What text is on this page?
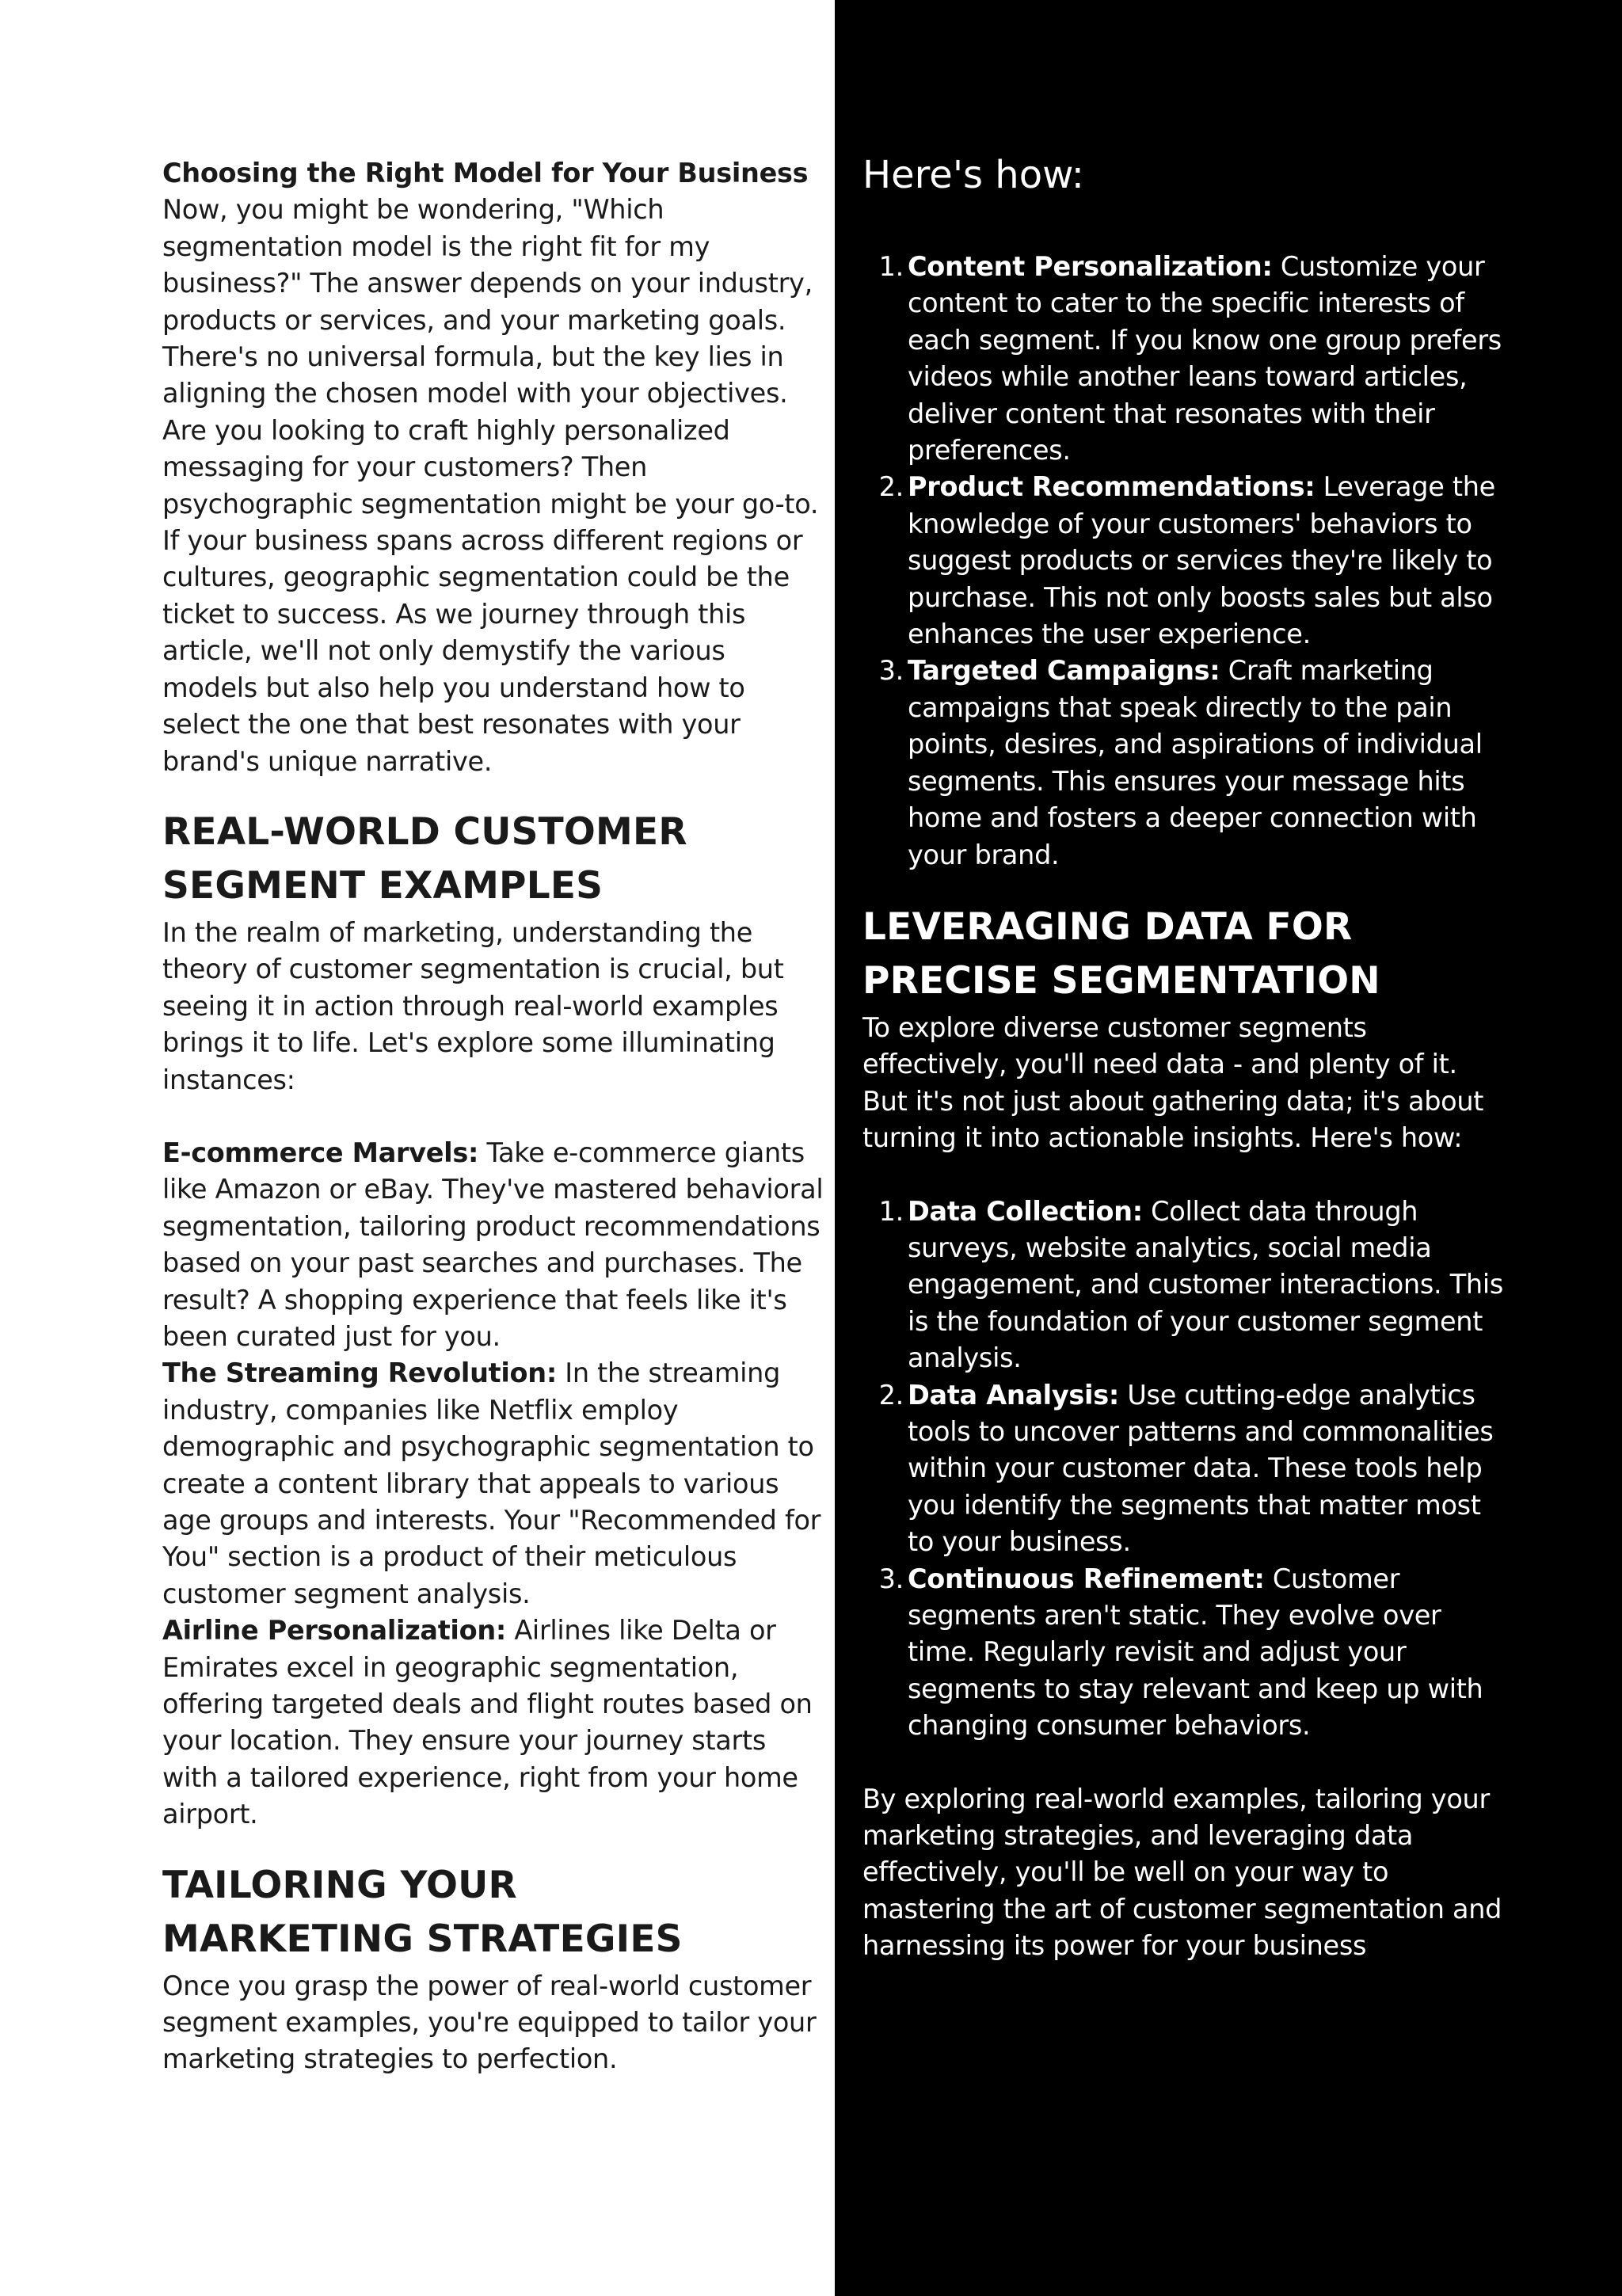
Choosing the Right Model for Your Business
Now, you might be wondering, "Which segmentation model is the right fit for my business?" The answer depends on your industry, products or services, and your marketing goals. There's no universal formula, but the key lies in aligning the chosen model with your objectives. Are you looking to craft highly personalized messaging for your customers? Then psychographic segmentation might be your go-to. If your business spans across different regions or cultures, geographic segmentation could be the ticket to success. As we journey through this article, we'll not only demystify the various models but also help you understand how to select the one that best resonates with your brand's unique narrative.

REAL-WORLD CUSTOMER SEGMENT EXAMPLES

In the realm of marketing, understanding the theory of customer segmentation is crucial, but seeing it in action through real-world examples brings it to life. Let's explore some illuminating instances:

E-commerce Marvels: Take e-commerce giants like Amazon or eBay. They've mastered behavioral segmentation, tailoring product recommendations based on your past searches and purchases. The result? A shopping experience that feels like it's been curated just for you.

The Streaming Revolution: In the streaming industry, companies like Netflix employ demographic and psychographic segmentation to create a content library that appeals to various age groups and interests. Your "Recommended for You" section is a product of their meticulous customer segment analysis.

Airline Personalization: Airlines like Delta or Emirates excel in geographic segmentation, offering targeted deals and flight routes based on your location. They ensure your journey starts with a tailored experience, right from your home airport.

TAILORING YOUR MARKETING STRATEGIES

Once you grasp the power of real-world customer segment examples, you're equipped to tailor your marketing strategies to perfection.

Here's how:
1. Content Personalization: Customize your content to cater to the specific interests of each segment. If you know one group prefers videos while another leans toward articles, deliver content that resonates with their preferences.
2. Product Recommendations: Leverage the knowledge of your customers' behaviors to suggest products or services they're likely to purchase. This not only boosts sales but also enhances the user experience.
3. Targeted Campaigns: Craft marketing campaigns that speak directly to the pain points, desires, and aspirations of individual segments. This ensures your message hits home and fosters a deeper connection with your brand.
LEVERAGING DATA FOR PRECISE SEGMENTATION

To explore diverse customer segments effectively, you'll need data - and plenty of it. But it's not just about gathering data; it's about turning it into actionable insights. Here's how:

1. Data Collection: Collect data through surveys, website analytics, social media engagement, and customer interactions. This is the foundation of your customer segment analysis.
2. Data Analysis: Use cutting-edge analytics tools to uncover patterns and commonalities within your customer data. These tools help you identify the segments that matter most to your business.
3. Continuous Refinement: Customer segments aren't static. They evolve over time. Regularly revisit and adjust your segments to stay relevant and keep up with changing consumer behaviors.

By exploring real-world examples, tailoring your marketing strategies, and leveraging data effectively, you'll be well on your way to mastering the art of customer segmentation and harnessing its power for your business
